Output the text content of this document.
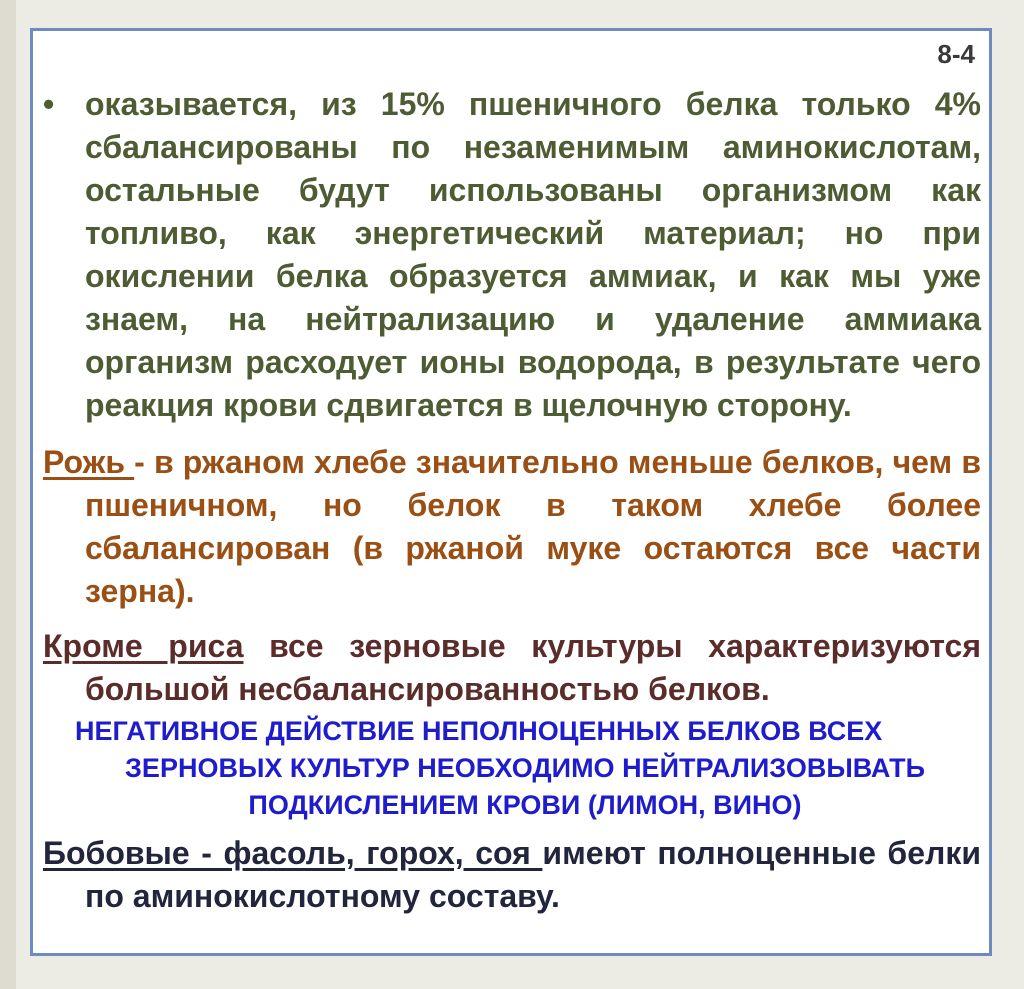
8-4

• оказывается, из 15% пшеничного белка только 4% сбалансированы по незаменимым аминокислотам, остальные будут использованы организмом как топливо, как энергетический материал; но при окислении белка образуется аммиак, и как мы уже знаем, на нейтрализацию и удаление аммиака организм расходует ионы водорода, в результате чего реакция крови сдвигается в щелочную сторону.

Рожь - в ржаном хлебе значительно меньше белков, чем в пшеничном, но белок в таком хлебе более сбалансирован (в ржаной муке остаются все части зерна).

Кроме риса все зерновые культуры характеризуются большой несбалансированностью белков.

НЕГАТИВНОЕ ДЕЙСТВИЕ НЕПОЛНОЦЕННЫХ БЕЛКОВ ВСЕХ
ЗЕРНОВЫХ КУЛЬТУР НЕОБХОДИМО НЕЙТРАЛИЗОВЫВАТЬ
ПОДКИСЛЕНИЕМ КРОВИ (ЛИМОН, ВИНО)

Бобовые - фасоль, горох, соя имеют полноценные белки по аминокислотному составу.
